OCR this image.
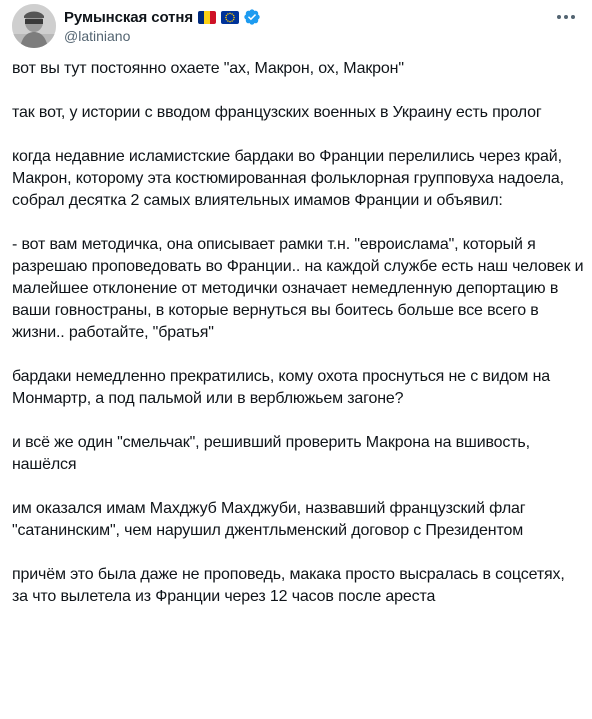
Румынская сотня
@latiniano

вот вы тут постоянно охаете "ах, Макрон, ох, Макрон"

так вот, у истории с вводом французских военных в Украину есть пролог

когда недавние исламистские бардаки во Франции перелились через край, Макрон, которому эта костюмированная фольклорная групповуха надоела, собрал десятка 2 самых влиятельных имамов Франции и объявил:

- вот вам методичка, она описывает рамки т.н. "евроислама", который я разрешаю проповедовать во Франции.. на каждой службе есть наш человек и малейшее отклонение от методички означает немедленную депортацию в ваши говностраны, в которые вернуться вы боитесь больше все всего в жизни.. работайте, "братья"

бардаки немедленно прекратились, кому охота проснуться не с видом на Монмартр, а под пальмой или в верблюжьем загоне?

и всё же один "смельчак", решивший проверить Макрона на вшивость, нашёлся

им оказался имам Махджуб Махджуби, назвавший французский флаг "сатанинским", чем нарушил джентльменский договор с Президентом

причём это была даже не проповедь, макака просто высралась в соцсетях, за что вылетела из Франции через 12 часов после ареста
